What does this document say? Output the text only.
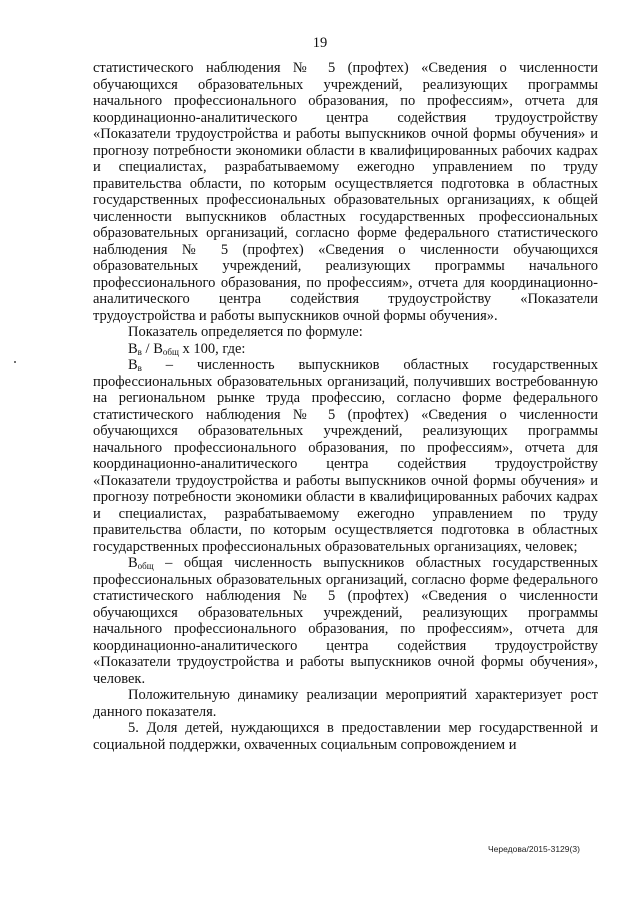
19

статистического наблюдения № 5 (профтех) «Сведения о численности обучающихся образовательных учреждений, реализующих программы начального профессионального образования, по профессиям», отчета для координационно-аналитического центра содействия трудоустройству «Показатели трудоустройства и работы выпускников очной формы обучения» и прогнозу потребности экономики области в квалифицированных рабочих кадрах и специалистах, разрабатываемому ежегодно управлением по труду правительства области, по которым осуществляется подготовка в областных государственных профессиональных образовательных организациях, к общей численности выпускников областных государственных профессиональных образовательных организаций, согласно форме федерального статистического наблюдения № 5 (профтех) «Сведения о численности обучающихся образовательных учреждений, реализующих программы начального профессионального образования, по профессиям», отчета для координационно-аналитического центра содействия трудоустройству «Показатели трудоустройства и работы выпускников очной формы обучения».

Показатель определяется по формуле:

$В_в / В_{общ}$ x 100, где:

$В_в$ – численность выпускников областных государственных профессиональных образовательных организаций, получивших востребованную на региональном рынке труда профессию, согласно форме федерального статистического наблюдения № 5 (профтех) «Сведения о численности обучающихся образовательных учреждений, реализующих программы начального профессионального образования, по профессиям», отчета для координационно-аналитического центра содействия трудоустройству «Показатели трудоустройства и работы выпускников очной формы обучения» и прогнозу потребности экономики области в квалифицированных рабочих кадрах и специалистах, разрабатываемому ежегодно управлением по труду правительства области, по которым осуществляется подготовка в областных государственных профессиональных образовательных организациях, человек;

$В_{общ}$ – общая численность выпускников областных государственных профессиональных образовательных организаций, согласно форме федерального статистического наблюдения № 5 (профтех) «Сведения о численности обучающихся образовательных учреждений, реализующих программы начального профессионального образования, по профессиям», отчета для координационно-аналитического центра содействия трудоустройству «Показатели трудоустройства и работы выпускников очной формы обучения», человек.

Положительную динамику реализации мероприятий характеризует рост данного показателя.

5. Доля детей, нуждающихся в предоставлении мер государственной и социальной поддержки, охваченных социальным сопровождением и

Чередова/2015-3129(3)
